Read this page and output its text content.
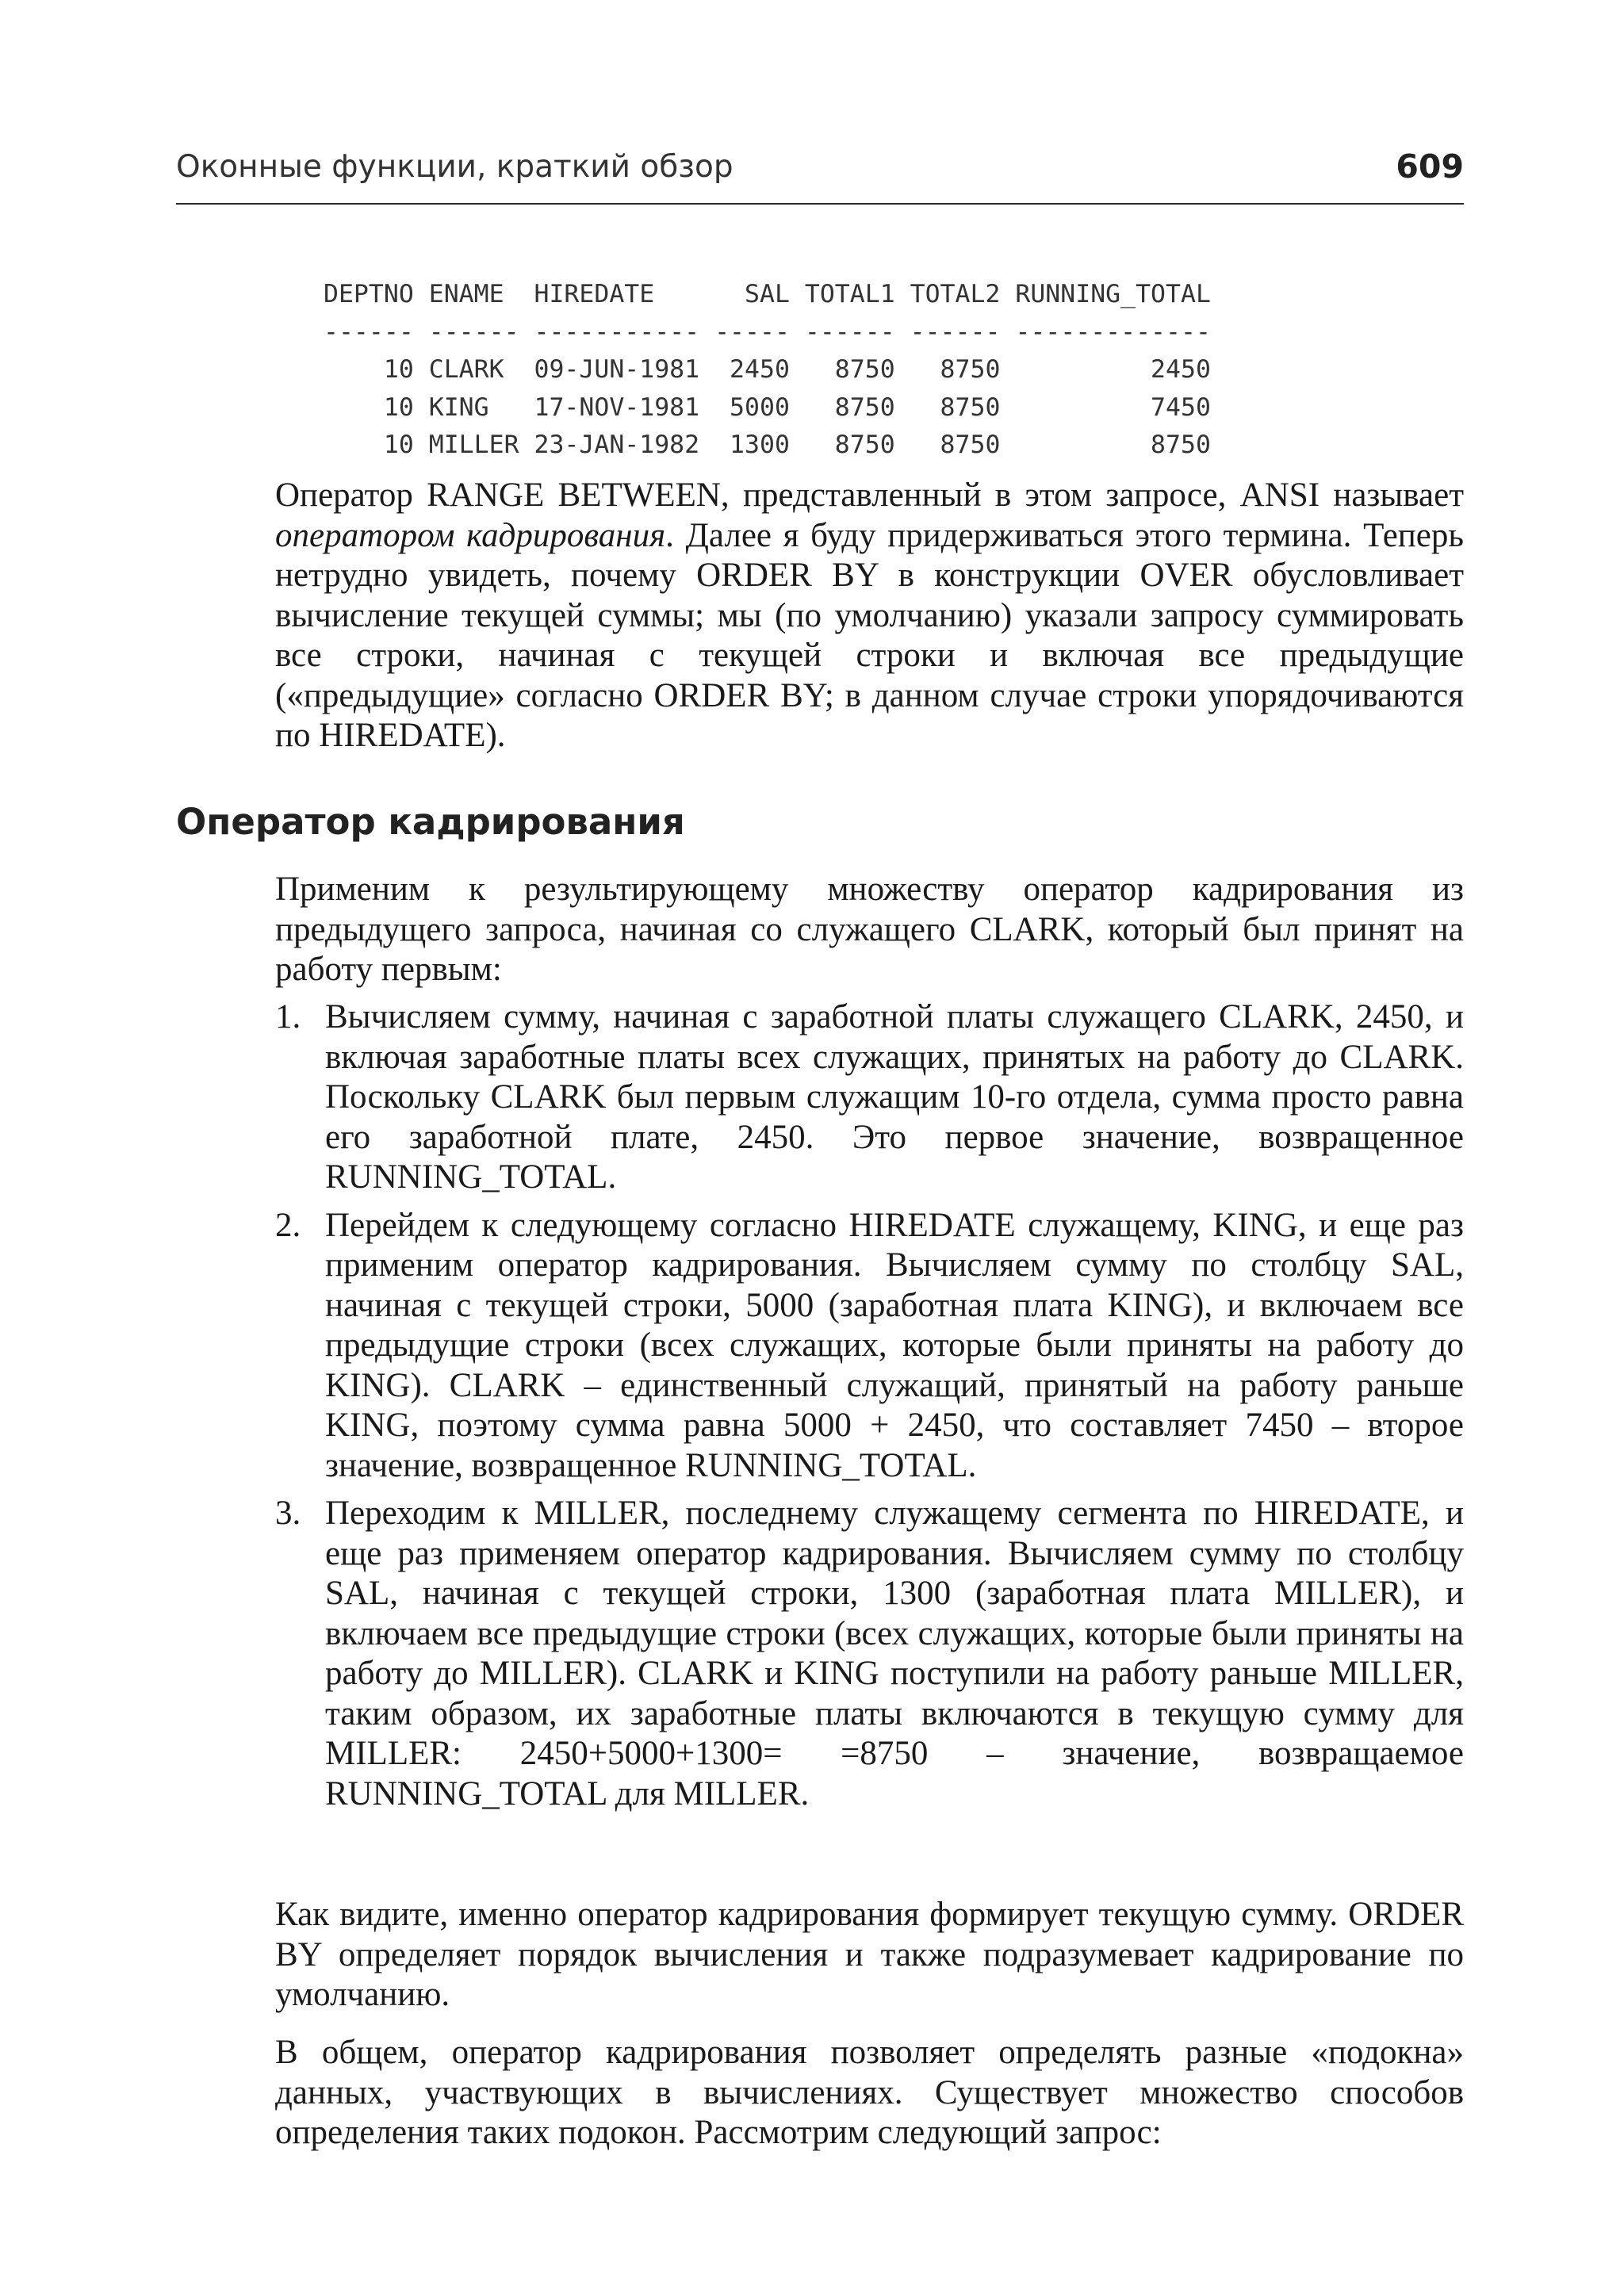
Оконные функции, краткий обзор	609
DEPTNO ENAME  HIREDATE      SAL TOTAL1 TOTAL2 RUNNING_TOTAL
------ ------ ----------- ----- ------ ------ -------------
10 CLARK  09-JUN-1981  2450   8750   8750          2450
10 KING   17-NOV-1981  5000   8750   8750          7450
10 MILLER 23-JAN-1982  1300   8750   8750          8750

Оператор RANGE BETWEEN, представленный в этом запросе, ANSI называет оператором кадрирования. Далее я буду придерживаться этого термина. Теперь нетрудно увидеть, почему ORDER BY в конструкции OVER обусловливает вычисление текущей суммы; мы (по умолчанию) указали запросу суммировать все строки, начиная с текущей строки и включая все предыдущие («предыдущие» согласно ORDER BY; в данном случае строки упорядочиваются по HIREDATE).

Оператор кадрирования

Применим к результирующему множеству оператор кадрирования из предыдущего запроса, начиная со служащего CLARK, который был принят на работу первым:

1. Вычисляем сумму, начиная с заработной платы служащего CLARK, 2450, и включая заработные платы всех служащих, принятых на работу до CLARK. Поскольку CLARK был первым служащим 10-го отдела, сумма просто равна его заработной плате, 2450. Это первое значение, возвращенное RUNNING_TOTAL.
2. Перейдем к следующему согласно HIREDATE служащему, KING, и еще раз применим оператор кадрирования. Вычисляем сумму по столбцу SAL, начиная с текущей строки, 5000 (заработная плата KING), и включаем все предыдущие строки (всех служащих, которые были приняты на работу до KING). CLARK – единственный служащий, принятый на работу раньше KING, поэтому сумма равна 5000 + 2450, что составляет 7450 – второе значение, возвращенное RUNNING_TOTAL.
3. Переходим к MILLER, последнему служащему сегмента по HIREDATE, и еще раз применяем оператор кадрирования. Вычисляем сумму по столбцу SAL, начиная с текущей строки, 1300 (заработная плата MILLER), и включаем все предыдущие строки (всех служащих, которые были приняты на работу до MILLER). CLARK и KING поступили на работу раньше MILLER, таким образом, их заработные платы включаются в текущую сумму для MILLER: 2450+5000+1300= =8750 – значение, возвращаемое RUNNING_TOTAL для MILLER.

Как видите, именно оператор кадрирования формирует текущую сумму. ORDER BY определяет порядок вычисления и также подразумевает кадрирование по умолчанию.

В общем, оператор кадрирования позволяет определять разные «подокна» данных, участвующих в вычислениях. Существует множество способов определения таких подокон. Рассмотрим следующий запрос:
